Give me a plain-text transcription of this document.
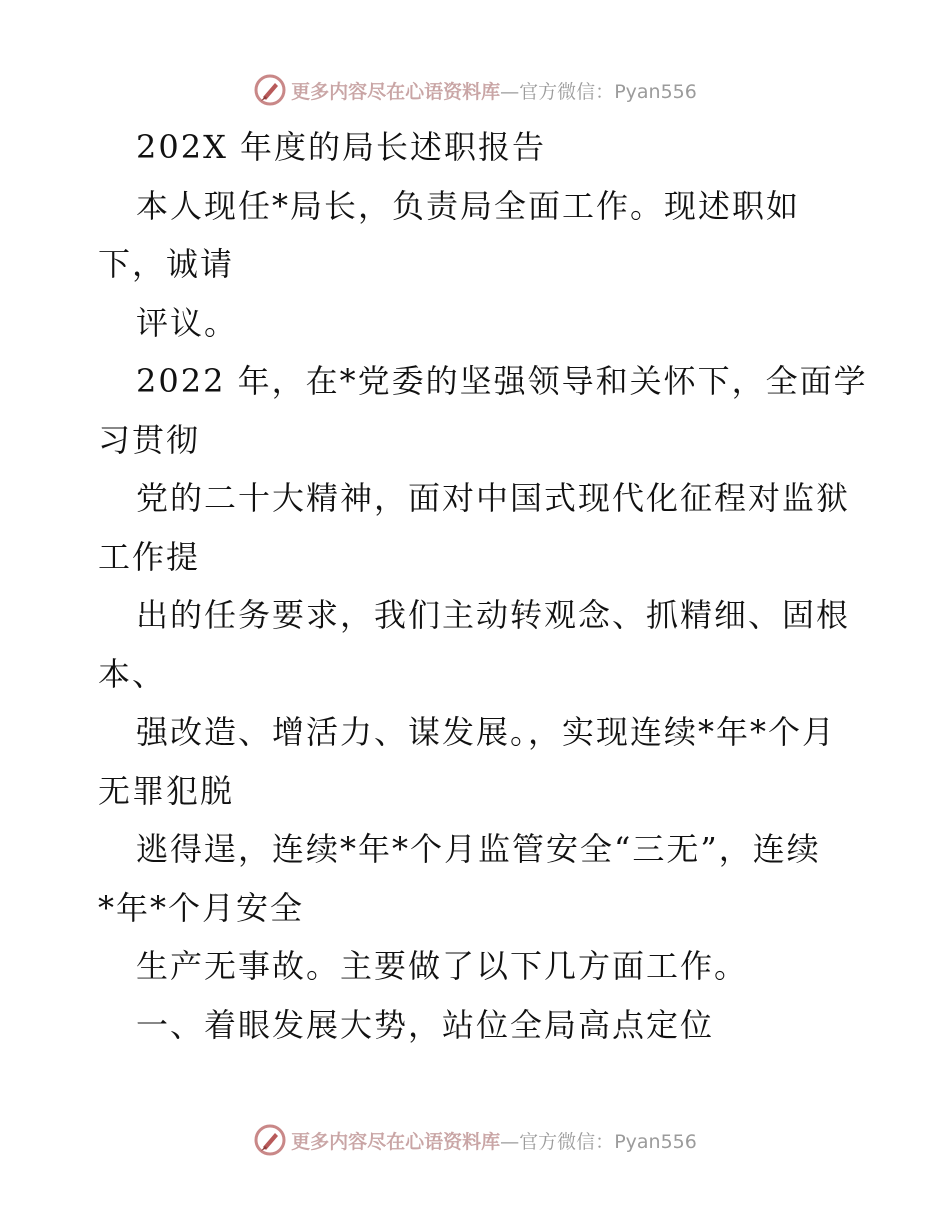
更多内容尽在心语资料库—官方微信：Pyan556
202X 年度的局长述职报告
本人现任*局长，负责局全面工作。现述职如
下，诚请
评议。
2022 年，在*党委的坚强领导和关怀下，全面学
习贯彻
党的二十大精神，面对中国式现代化征程对监狱
工作提
出的任务要求，我们主动转观念、抓精细、固根
本、
强改造、增活力、谋发展。，实现连续*年*个月
无罪犯脱
逃得逞，连续*年*个月监管安全“三无”，连续
*年*个月安全
生产无事故。主要做了以下几方面工作。
一、着眼发展大势，站位全局高点定位
更多内容尽在心语资料库—官方微信：Pyan556
